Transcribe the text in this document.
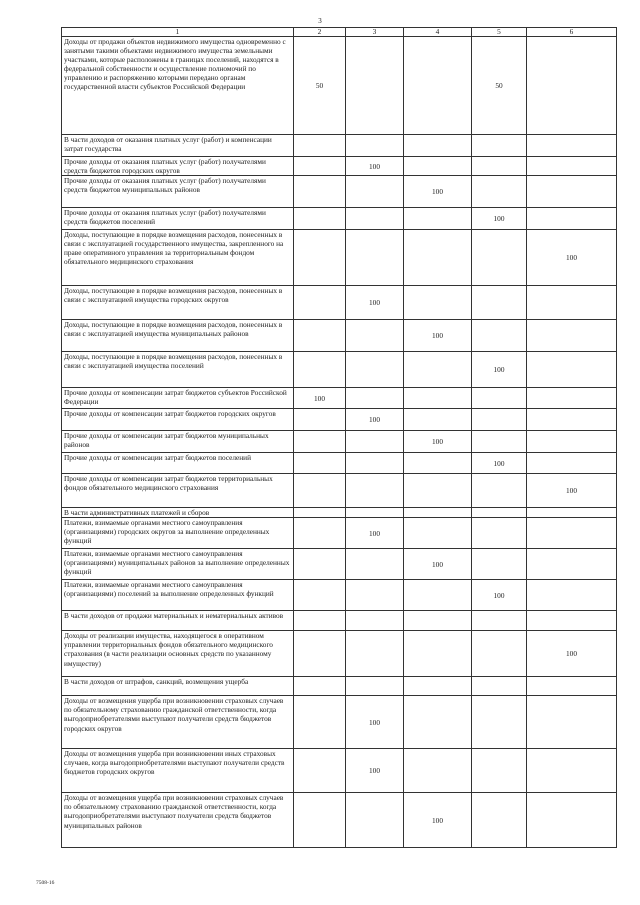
3
1	2	3	4	5	6
Доходы от продажи объектов недвижимого имущества одновременно с занятыми такими объектами недвижимого имущества земельными участками, которые расположены в границах поселений, находятся в федеральной собственности и осуществление полномочий по управлению и распоряжению которыми передано органам государственной власти субъектов Российской Федерации	50			50	
В части доходов от оказания платных услуг (работ) и компенсации затрат государства					
Прочие доходы от оказания платных услуг (работ) получателями средств бюджетов городских округов		100			
Прочие доходы от оказания платных услуг (работ) получателями средств бюджетов муниципальных районов			100		
Прочие доходы от оказания платных услуг (работ) получателями средств бюджетов поселений				100	
Доходы, поступающие в порядке возмещения расходов, понесенных в связи с эксплуатацией государственного имущества, закрепленного на праве оперативного управления за территориальным фондом обязательного медицинского страхования					100
Доходы, поступающие в порядке возмещения расходов, понесенных в связи с эксплуатацией имущества городских округов		100			
Доходы, поступающие в порядке возмещения расходов, понесенных в связи с эксплуатацией имущества муниципальных районов			100		
Доходы, поступающие в порядке возмещения расходов, понесенных в связи с эксплуатацией имущества поселений				100	
Прочие доходы от компенсации затрат бюджетов субъектов Российской Федерации	100				
Прочие доходы от компенсации затрат бюджетов городских округов		100			
Прочие доходы от компенсации затрат бюджетов муниципальных районов			100		
Прочие доходы от компенсации затрат бюджетов поселений				100	
Прочие доходы от компенсации затрат бюджетов территориальных фондов обязательного медицинского страхования					100
В части административных платежей и сборов					
Платежи, взимаемые органами местного самоуправления (организациями) городских округов за выполнение определенных функций		100			
Платежи, взимаемые органами местного самоуправления (организациями) муниципальных районов за выполнение определенных функций			100		
Платежи, взимаемые органами местного самоуправления (организациями) поселений за выполнение определенных функций				100	
В части доходов от продажи материальных и нематериальных активов					
Доходы от реализации имущества, находящегося в оперативном управлении территориальных фондов обязательного медицинского страхования (в части реализации основных средств по указанному имуществу)					100
В части доходов от штрафов, санкций, возмещения ущерба					
Доходы от возмещения ущерба при возникновении страховых случаев по обязательному страхованию гражданской ответственности, когда выгодоприобретателями выступают получатели средств бюджетов городских округов		100			
Доходы от возмещения ущерба при возникновении иных страховых случаев, когда выгодоприобретателями выступают получатели средств бюджетов городских округов		100			
Доходы от возмещения ущерба при возникновении страховых случаев по обязательному страхованию гражданской ответственности, когда выгодоприобретателями выступают получатели средств бюджетов муниципальных районов			100		
7508-16
